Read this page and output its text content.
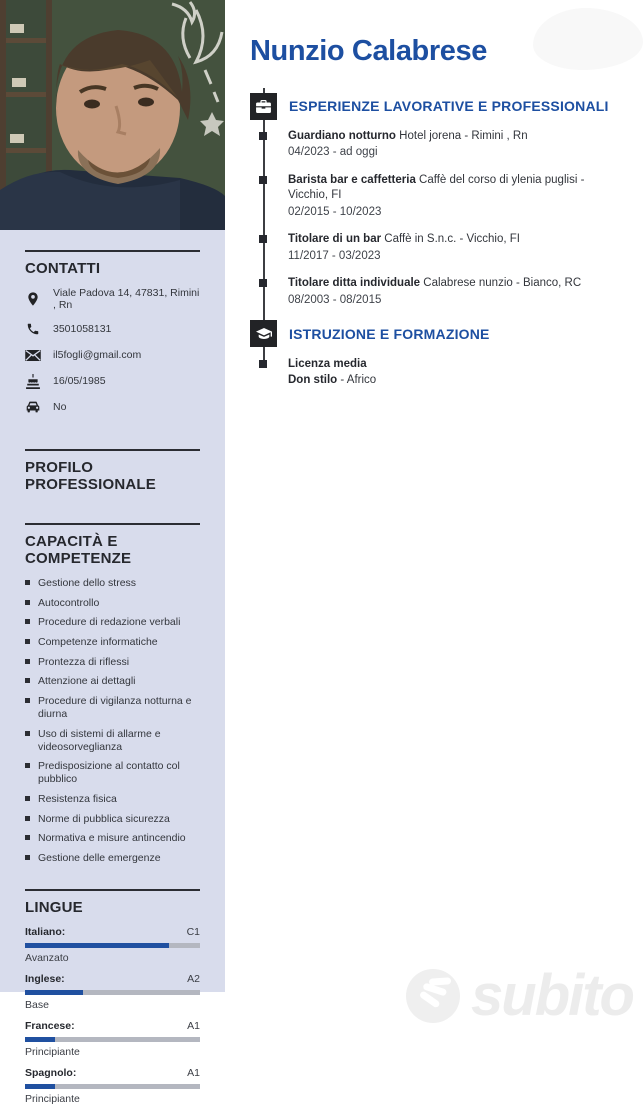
CONTATTI
Viale Padova 14, 47831, Rimini , Rn
3501058131
il5fogli@gmail.com
16/05/1985
No
PROFILO PROFESSIONALE
CAPACITÀ E COMPETENZE
Gestione dello stress
Autocontrollo
Procedure di redazione verbali
Competenze informatiche
Prontezza di riflessi
Attenzione ai dettagli
Procedure di vigilanza notturna e diurna
Uso di sistemi di allarme e videosorveglianza
Predisposizione al contatto col pubblico
Resistenza fisica
Norme di pubblica sicurezza
Normativa e misure antincendio
Gestione delle emergenze
LINGUE
Italiano:	C1
Avanzato
Inglese:	A2
Base
Francese:	A1
Principiante
Spagnolo:	A1
Principiante
Nunzio Calabrese
ESPERIENZE LAVORATIVE E PROFESSIONALI
Guardiano notturno Hotel jorena - Rimini , Rn
04/2023 - ad oggi
Barista bar e caffetteria Caffè del corso di ylenia puglisi - Vicchio, FI
02/2015 - 10/2023
Titolare di un bar Caffè in S.n.c. - Vicchio, FI
11/2017 - 03/2023
Titolare ditta individuale Calabrese nunzio - Bianco, RC
08/2003 - 08/2015
ISTRUZIONE E FORMAZIONE
Licenza media
Don stilo - Africo
subito
